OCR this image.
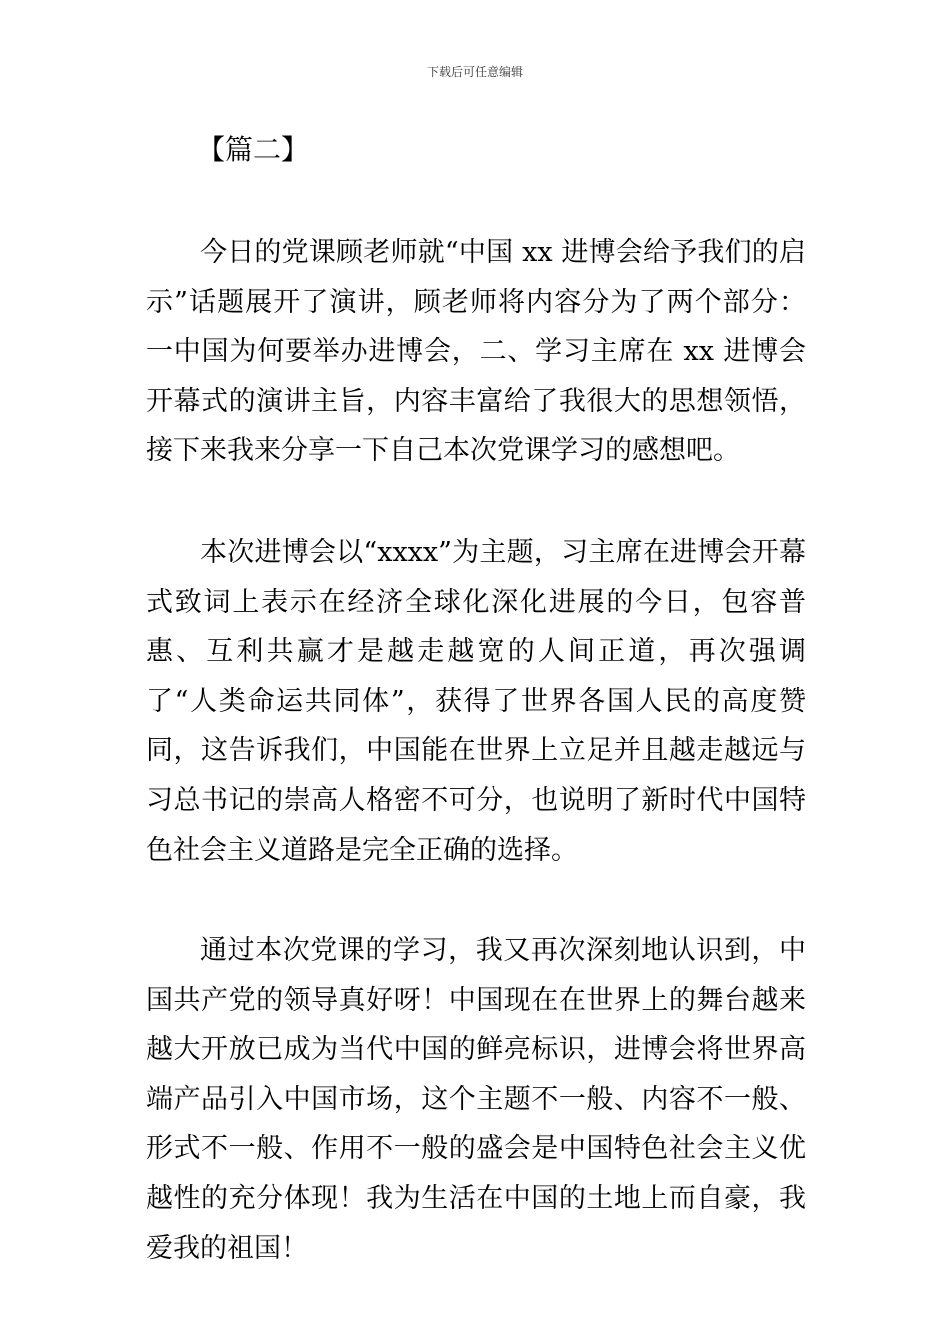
下载后可任意编辑
【篇二】

今日的党课顾老师就“中国 xx 进博会给予我们的启示”话题展开了演讲，顾老师将内容分为了两个部分：一中国为何要举办进博会，二、学习主席在 xx 进博会开幕式的演讲主旨，内容丰富给了我很大的思想领悟，接下来我来分享一下自己本次党课学习的感想吧。

本次进博会以“xxxx”为主题，习主席在进博会开幕式致词上表示在经济全球化深化进展的今日，包容普惠、互利共赢才是越走越宽的人间正道，再次强调了“人类命运共同体”，获得了世界各国人民的高度赞同，这告诉我们，中国能在世界上立足并且越走越远与习总书记的崇高人格密不可分，也说明了新时代中国特色社会主义道路是完全正确的选择。

通过本次党课的学习，我又再次深刻地认识到，中国共产党的领导真好呀！中国现在在世界上的舞台越来越大开放已成为当代中国的鲜亮标识，进博会将世界高端产品引入中国市场，这个主题不一般、内容不一般、形式不一般、作用不一般的盛会是中国特色社会主义优越性的充分体现！我为生活在中国的土地上而自豪，我爱我的祖国！
